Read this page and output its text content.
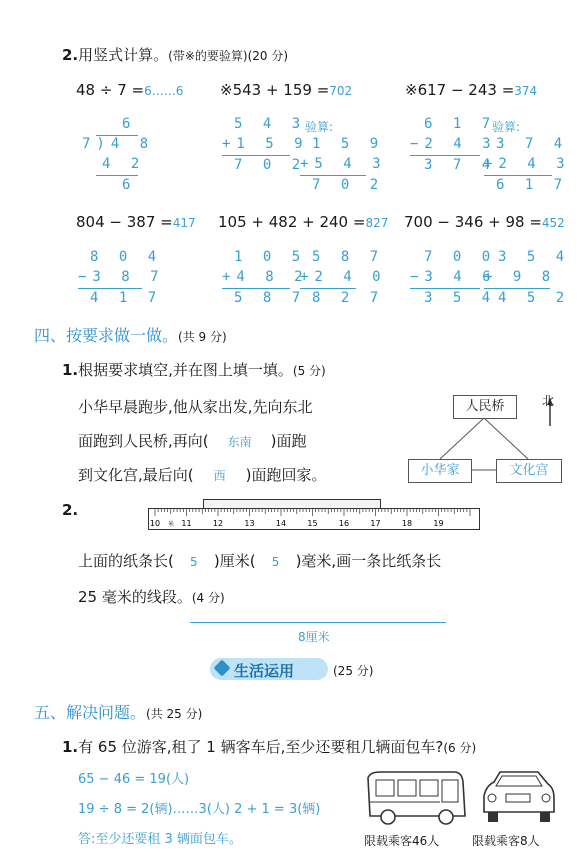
2.用竖式计算。(带※的要验算)(20 分)
48 ÷ 7 =6……6 ※543 + 159 =702	※617 − 243 =374
6
7)4 8
4 2
6
5 4 3
+1 5 9
7 0 2
验算:
1 5 9
+5 4 3
7 0 2
6 1 7
−2 4 3
3 7 4
验算:
3 7 4
+2 4 3
6 1 7
804 − 387 =417 105 + 482 + 240 =827 700 − 346 + 98 =452
8 0 4
−3 8 7
4 1 7
1 0 5
+4 8 2
5 8 7
5 8 7
+2 4 0
8 2 7
7 0 0
−3 4 6
3 5 4
3 5 4
+ 9 8
4 5 2
四、按要求做一做。(共 9 分)
1.根据要求填空,并在图上填一填。(5 分)
小华早晨跑步,他从家出发,先向东北
面跑到人民桥,再向( 东南 )面跑
到文化宫,最后向( 西 )面跑回家。
人民桥
小华家	文化宫
北
2.
10	11	12	13	14	15	16	17	18	19
米
上面的纸条长( 5 )厘米( 5 )毫米,画一条比纸条长
25 毫米的线段。(4 分)
8厘米
生活运用	(25 分)
五、解决问题。(共 25 分)
1.有 65 位游客,租了 1 辆客车后,至少还要租几辆面包车?(6 分)
65 − 46 = 19(人)
19 ÷ 8 = 2(辆)……3(人) 2 + 1 = 3(辆)
答:至少还要租 3 辆面包车。	限载乘客46人	限载乘客8人
